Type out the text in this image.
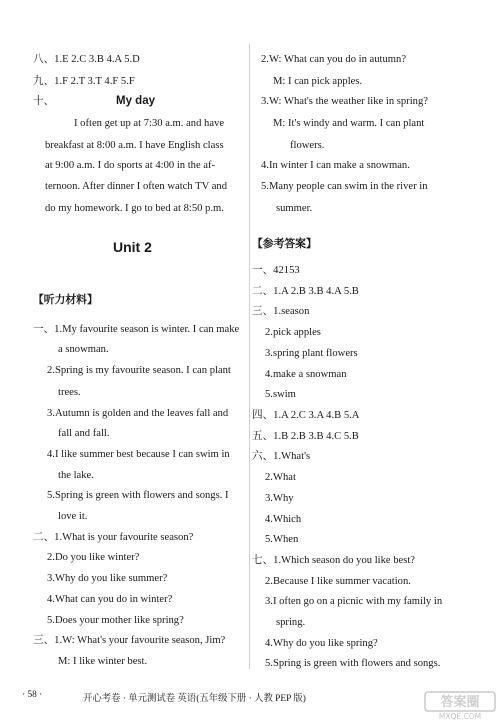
八、1.E 2.C 3.B 4.A 5.D
九、1.F 2.T 3.T 4.F 5.F
十、	My day
I often get up at 7:30 a.m. and have
breakfast at 8:00 a.m. I have English class
at 9:00 a.m. I do sports at 4:00 in the af-
ternoon. After dinner I often watch TV and
do my homework. I go to bed at 8:50 p.m.
Unit 2
【听力材料】
一、1.My favourite season is winter. I can make
a snowman.
2.Spring is my favourite season. I can plant
trees.
3.Autumn is golden and the leaves fall and
fall and fall.
4.I like summer best because I can swim in
the lake.
5.Spring is green with flowers and songs. I
love it.
二、1.What is your favourite season?
2.Do you like winter?
3.Why do you like summer?
4.What can you do in winter?
5.Does your mother like spring?
三、1.W: What's your favourite season, Jim?
M: I like winter best.
2.W: What can you do in autumn?
M: I can pick apples.
3.W: What's the weather like in spring?
M: It's windy and warm. I can plant
flowers.
4.In winter I can make a snowman.
5.Many people can swim in the river in
summer.
【参考答案】
一、42153
二、1.A 2.B 3.B 4.A 5.B
三、1.season
2.pick apples
3.spring plant flowers
4.make a snowman
5.swim
四、1.A 2.C 3.A 4.B 5.A
五、1.B 2.B 3.B 4.C 5.B
六、1.What's
2.What
3.Why
4.Which
5.When
七、1.Which season do you like best?
2.Because I like summer vacation.
3.I often go on a picnic with my family in
spring.
4.Why do you like spring?
5.Spring is green with flowers and songs.
· 58 ·	开心考卷 · 单元测试卷 英语(五年级下册 · 人教 PEP 版)	答案圈
MXQE.COM
